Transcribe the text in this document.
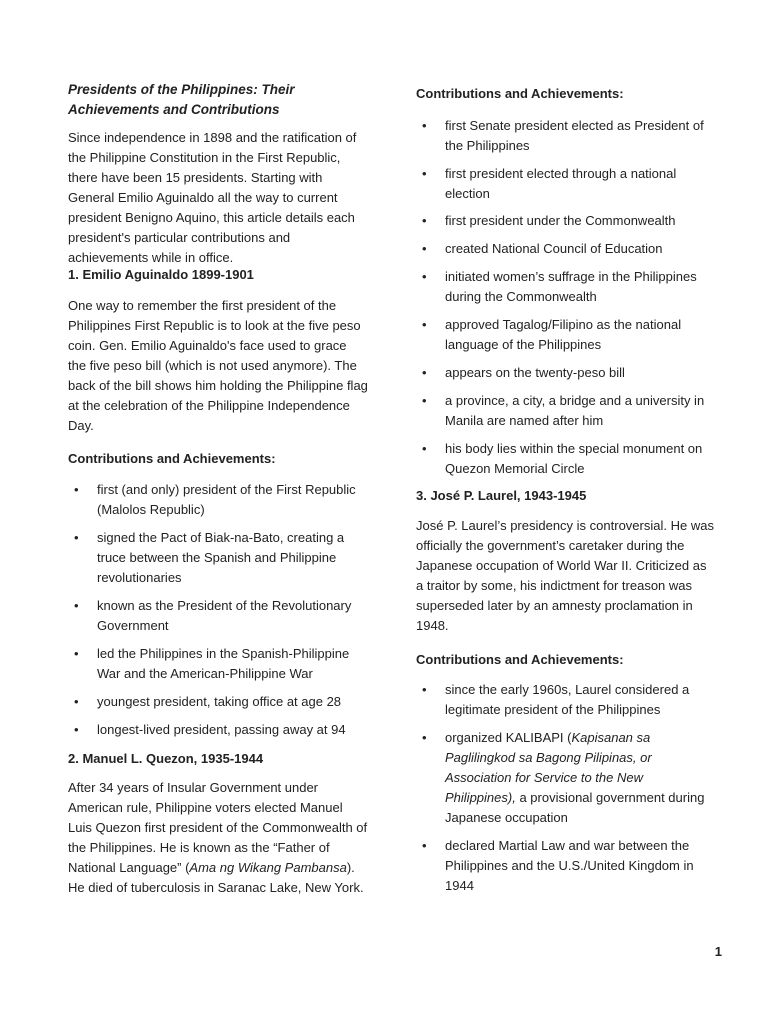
Presidents of the Philippines: Their Achievements and Contributions

Since independence in 1898 and the ratification of the Philippine Constitution in the First Republic, there have been 15 presidents. Starting with General Emilio Aguinaldo all the way to current president Benigno Aquino, this article details each president's particular contributions and achievements while in office.

1. Emilio Aguinaldo 1899-1901

One way to remember the first president of the Philippines First Republic is to look at the five peso coin. Gen. Emilio Aguinaldo's face used to grace the five peso bill (which is not used anymore). The back of the bill shows him holding the Philippine flag at the celebration of the Philippine Independence Day.

Contributions and Achievements:
• first (and only) president of the First Republic (Malolos Republic)
• signed the Pact of Biak-na-Bato, creating a truce between the Spanish and Philippine revolutionaries
• known as the President of the Revolutionary Government
• led the Philippines in the Spanish-Philippine War and the American-Philippine War
• youngest president, taking office at age 28
• longest-lived president, passing away at 94
2. Manuel L. Quezon, 1935-1944

After 34 years of Insular Government under American rule, Philippine voters elected Manuel Luis Quezon first president of the Commonwealth of the Philippines. He is known as the “Father of National Language” (Ama ng Wikang Pambansa). He died of tuberculosis in Saranac Lake, New York.

Contributions and Achievements:
• first Senate president elected as President of the Philippines
• first president elected through a national election
• first president under the Commonwealth
• created National Council of Education
• initiated women’s suffrage in the Philippines during the Commonwealth
• approved Tagalog/Filipino as the national language of the Philippines
• appears on the twenty-peso bill
• a province, a city, a bridge and a university in Manila are named after him
• his body lies within the special monument on Quezon Memorial Circle
3. José P. Laurel, 1943-1945

José P. Laurel’s presidency is controversial. He was officially the government’s caretaker during the Japanese occupation of World War II. Criticized as a traitor by some, his indictment for treason was superseded later by an amnesty proclamation in 1948.

Contributions and Achievements:
• since the early 1960s, Laurel considered a legitimate president of the Philippines
• organized KALIBAPI (Kapisanan sa Paglilingkod sa Bagong Pilipinas, or Association for Service to the New Philippines), a provisional government during Japanese occupation
• declared Martial Law and war between the Philippines and the U.S./United Kingdom in 1944
1
